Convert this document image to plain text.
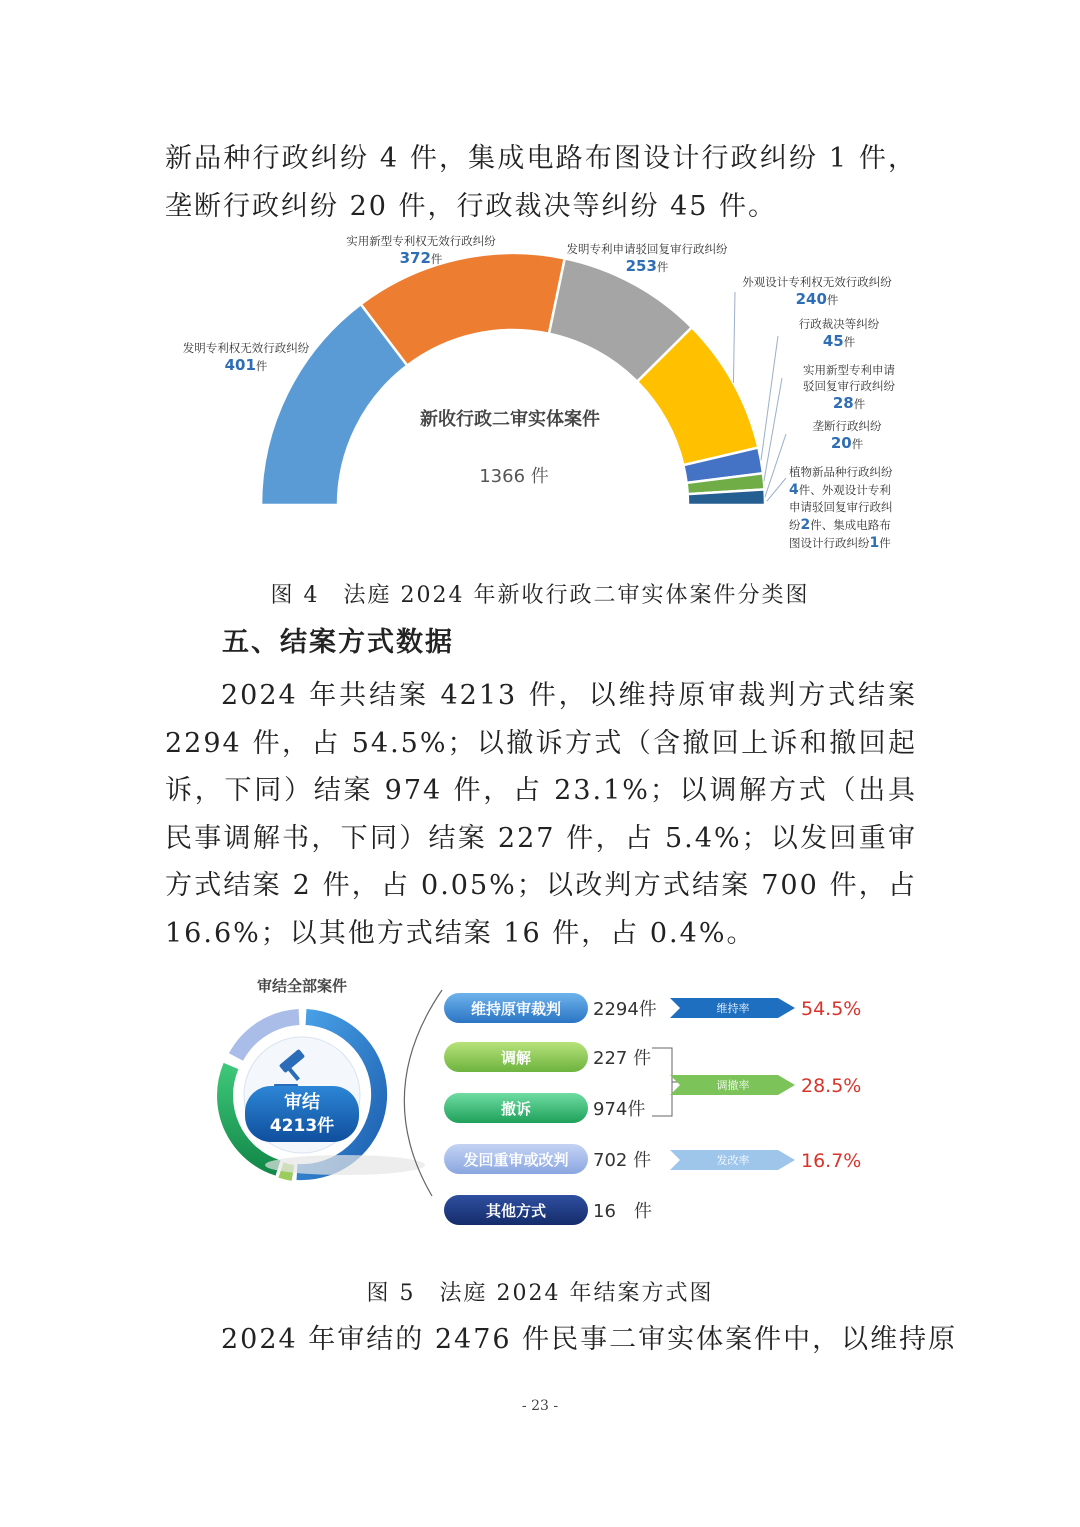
新品种行政纠纷 4 件，集成电路布图设计行政纠纷 1 件，垄断行政纠纷 20 件，行政裁决等纠纷 45 件。

发明专利权无效行政纠纷
401件
实用新型专利权无效行政纠纷
372件
发明专利申请驳回复审行政纠纷
253件
外观设计专利权无效行政纠纷
240件
行政裁决等纠纷
45件
实用新型专利申请驳回复审行政纠纷
28件
垄断行政纠纷
20件
新收行政二审实体案件
1366 件	植物新品种行政纠纷 4件、外观设计专利 申请驳回复审行政纠 纷2件、集成电路布 图设计行政纠纷1件
图 4　法庭 2024 年新收行政二审实体案件分类图
五、结案方式数据

2024 年共结案 4213 件，以维持原审裁判方式结案 2294 件，占 54.5%；以撤诉方式（含撤回上诉和撤回起诉，下同）结案 974 件，占 23.1%；以调解方式（出具民事调解书，下同）结案 227 件，占 5.4%；以发回重审方式结案 2 件，占 0.05%；以改判方式结案 700 件，占 16.6%；以其他方式结案 16 件，占 0.4%。

审结全部案件
审结
4213件
维持原审裁判 2294件
调解	227 件
撤诉	974件
发回重审或改判 702 件
其他方式	16　件
维持率	54.5%
调撤率	28.5%
发改率	16.7%
图 5　法庭 2024 年结案方式图

2024 年审结的 2476 件民事二审实体案件中，以维持原

- 23 -
